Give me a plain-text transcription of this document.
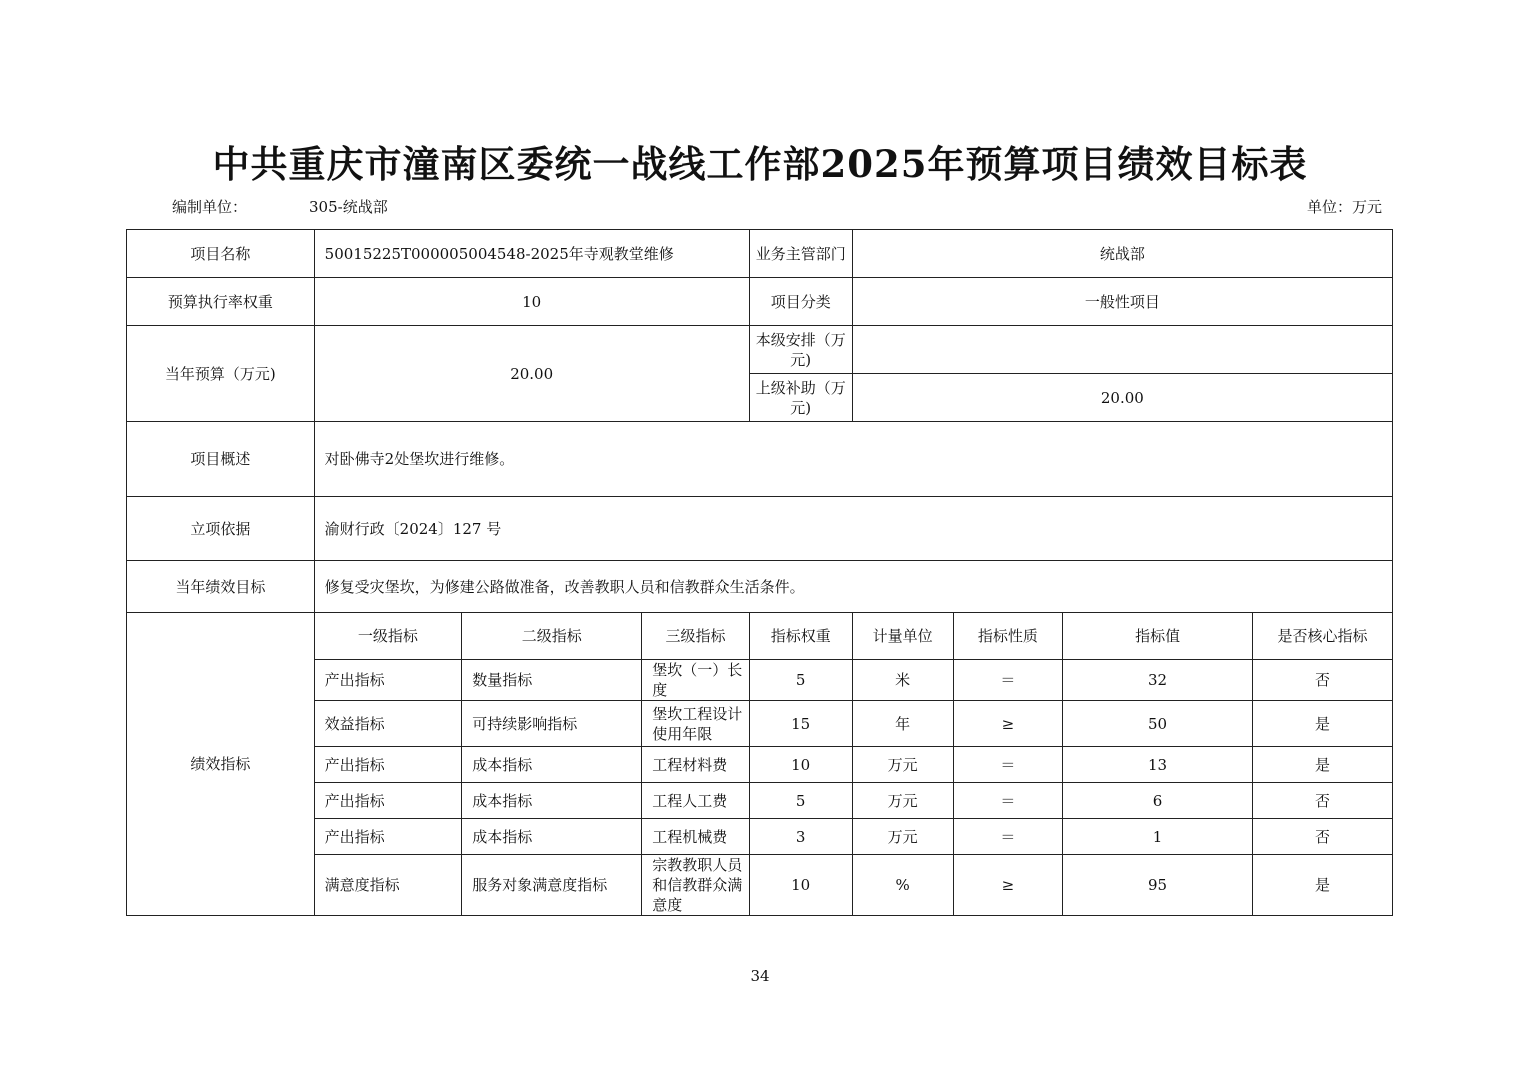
中共重庆市潼南区委统一战线工作部2025年预算项目绩效目标表
编制单位：	305-统战部	单位：万元
项目名称	50015225T000005004548-2025年寺观教堂维修			业务主管部门	统战部			
预算执行率权重	10			项目分类	一般性项目			
当年预算（万元)	20.00			本级安排（万元)				
				上级补助（万元)	20.00			
项目概述	对卧佛寺2处堡坎进行维修。							
立项依据	渝财行政〔2024〕127 号							
当年绩效目标	修复受灾堡坎，为修建公路做准备，改善教职人员和信教群众生活条件。							
绩效指标	一级指标	二级指标	三级指标	指标权重	计量单位	指标性质	指标值	是否核心指标
	产出指标	数量指标	堡坎（一）长度	5	米	＝	32	否
	效益指标	可持续影响指标	堡坎工程设计使用年限	15	年	≥	50	是
	产出指标	成本指标	工程材料费	10	万元	＝	13	是
	产出指标	成本指标	工程人工费	5	万元	＝	6	否
	产出指标	成本指标	工程机械费	3	万元	＝	1	否
	满意度指标	服务对象满意度指标	宗教教职人员和信教群众满意度	10	%	≥	95	是
34
